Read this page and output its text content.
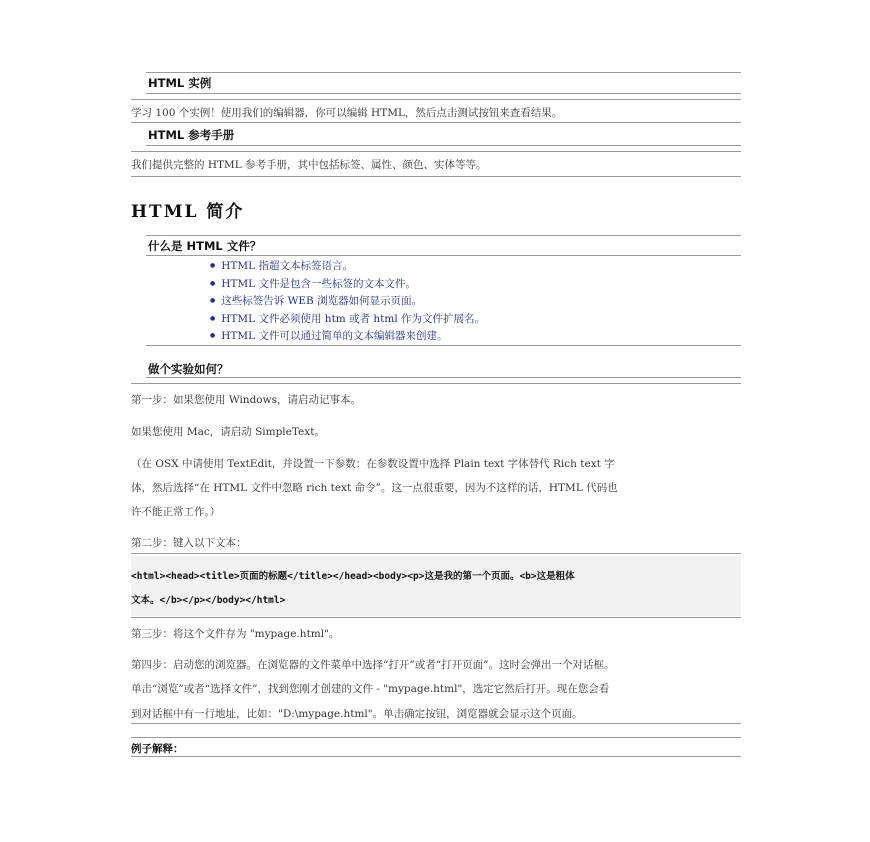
HTML 实例
学习 100 个实例！使用我们的编辑器，你可以编辑 HTML，然后点击测试按钮来查看结果。
HTML 参考手册
我们提供完整的 HTML 参考手册，其中包括标签、属性、颜色、实体等等。
HTML 简介
什么是 HTML 文件？
● HTML 指超文本标签语言。
● HTML 文件是包含一些标签的文本文件。
● 这些标签告诉 WEB 浏览器如何显示页面。
● HTML 文件必须使用 htm 或者 html 作为文件扩展名。
● HTML 文件可以通过简单的文本编辑器来创建。
做个实验如何？
第一步：如果您使用 Windows，请启动记事本。
如果您使用 Mac，请启动 SimpleText。
（在 OSX 中请使用 TextEdit，并设置一下参数：在参数设置中选择 Plain text 字体替代 Rich text 字
体，然后选择“在 HTML 文件中忽略 rich text 命令”。这一点很重要，因为不这样的话，HTML 代码也
许不能正常工作。）
第二步：键入以下文本：
<html><head><title>页面的标题</title></head><body><p>这是我的第一个页面。<b>这是粗体
文本。</b></p></body></html>
第三步：将这个文件存为 "mypage.html"。
第四步：启动您的浏览器。在浏览器的文件菜单中选择“打开”或者“打开页面”。这时会弹出一个对话框。
单击“浏览”或者“选择文件”，找到您刚才创建的文件 - "mypage.html"，选定它然后打开。现在您会看
到对话框中有一行地址，比如："D:\mypage.html"。单击确定按钮，浏览器就会显示这个页面。
例子解释：
